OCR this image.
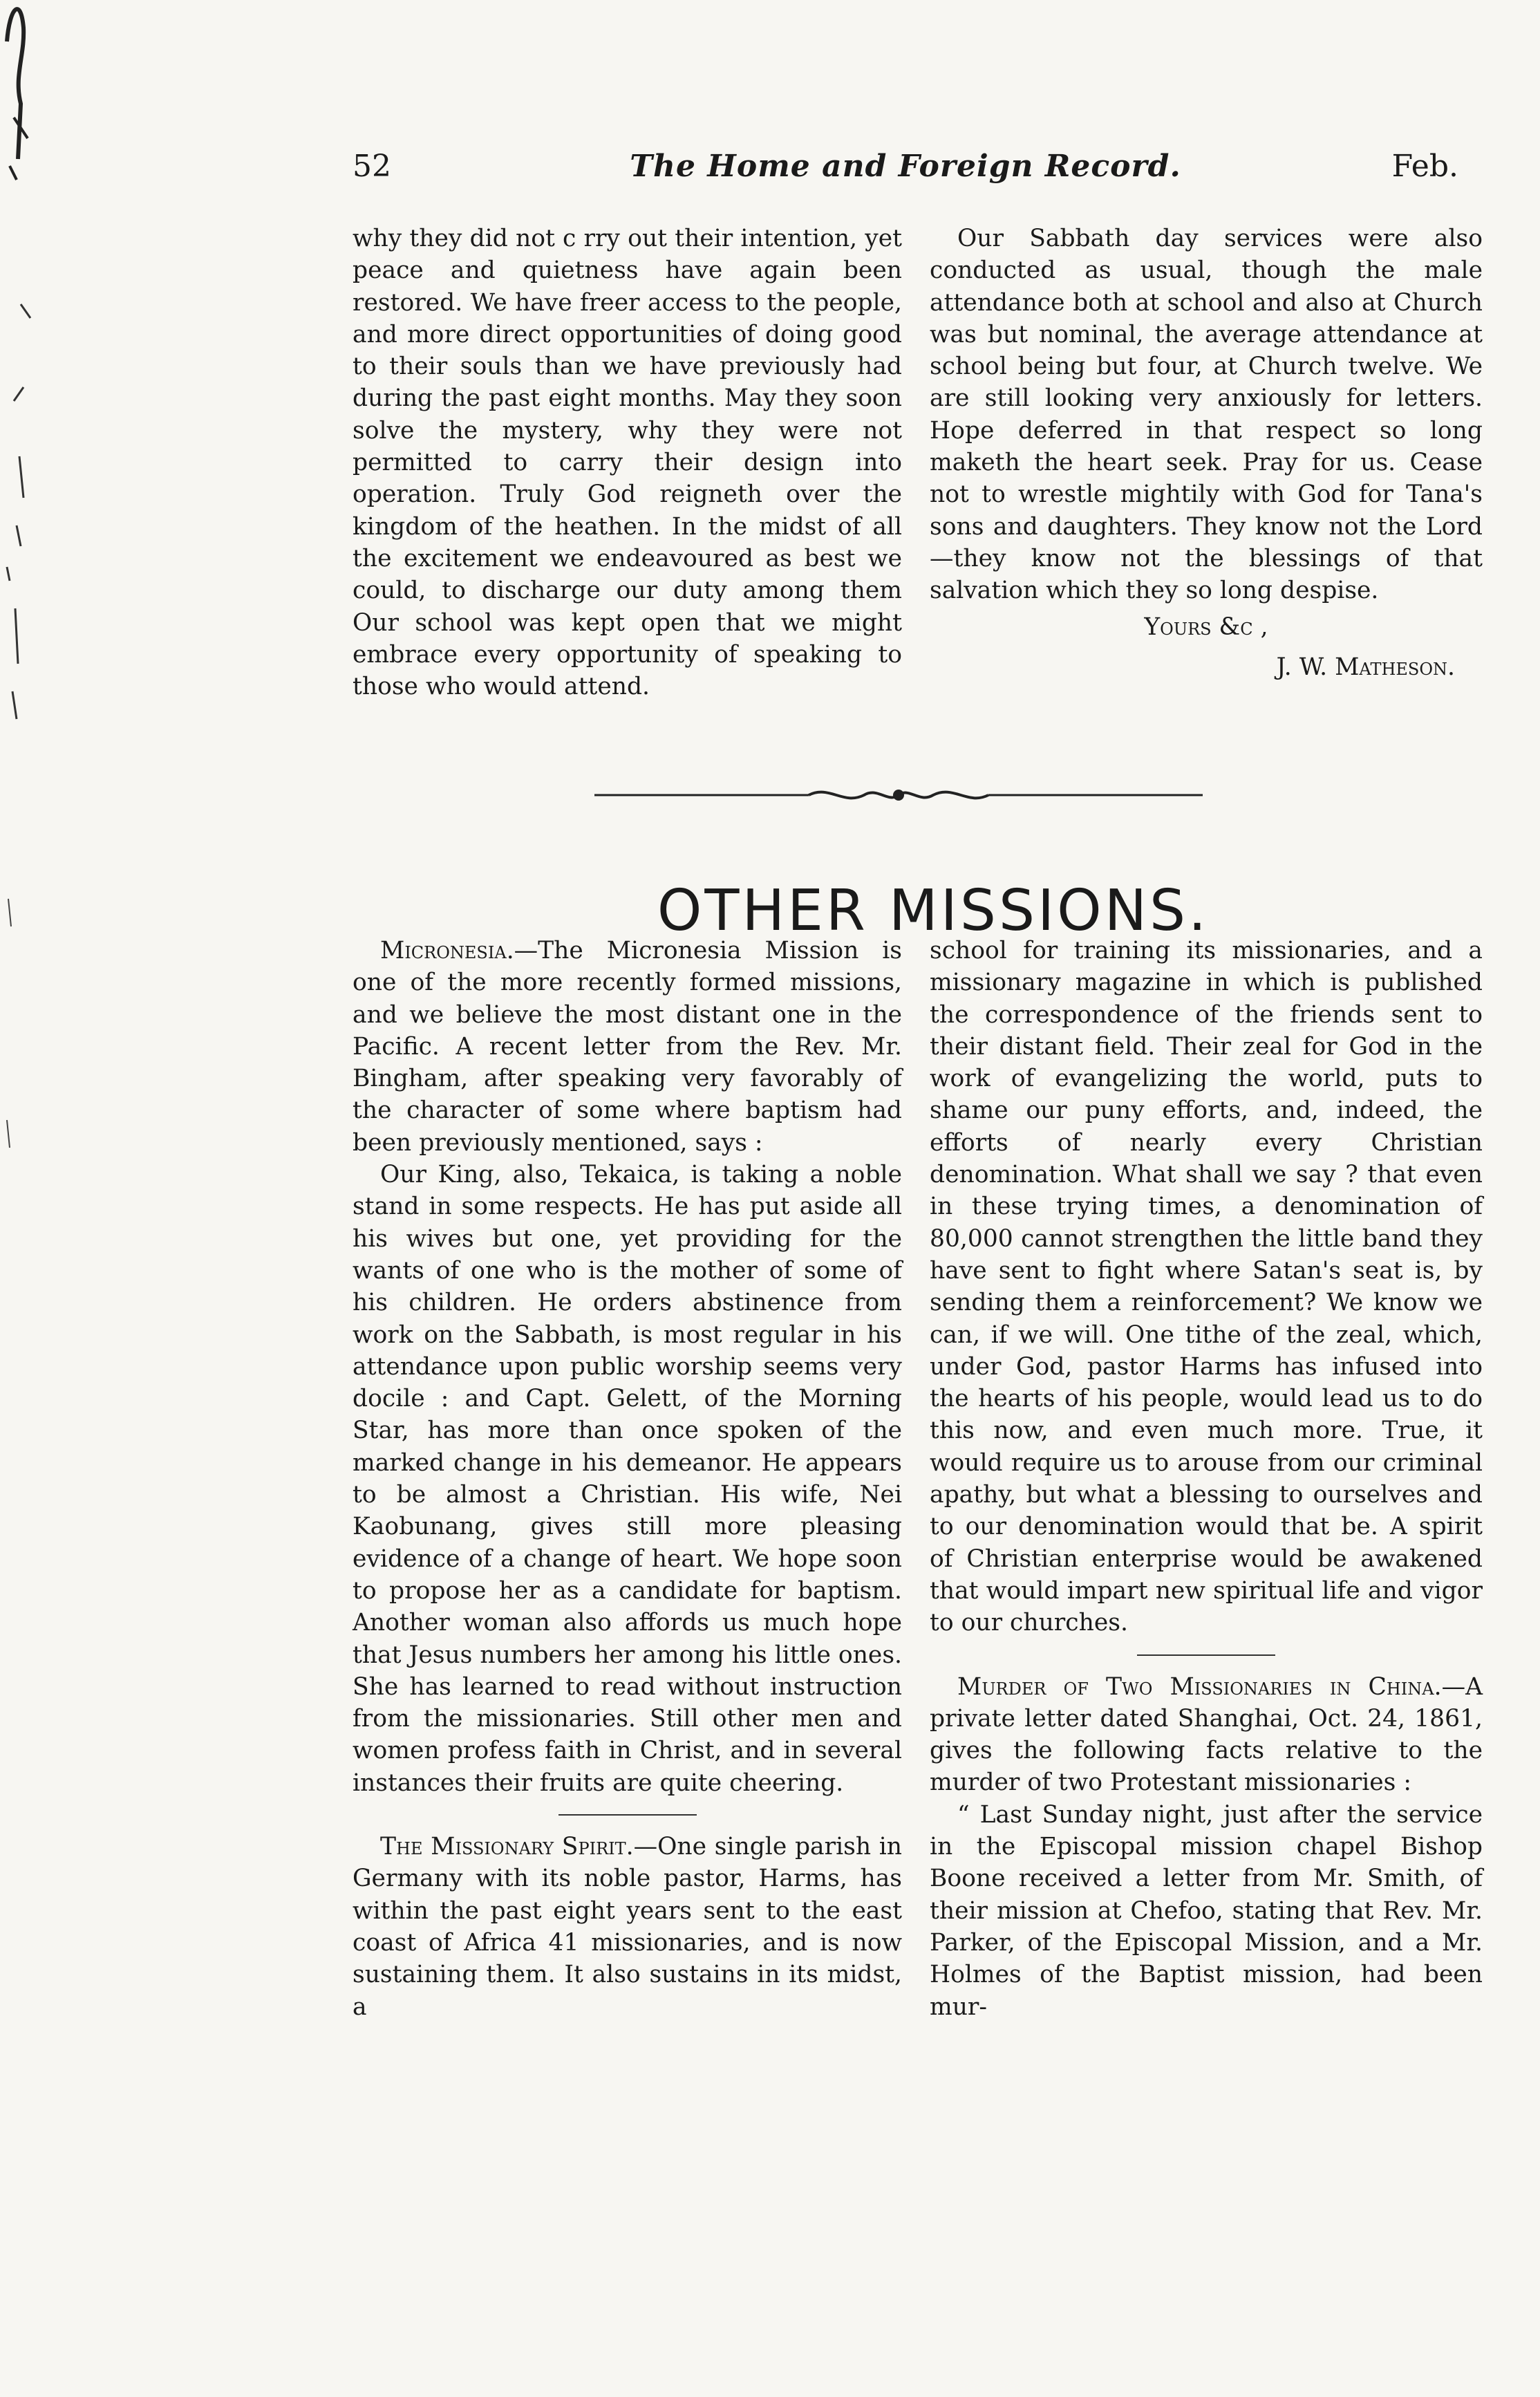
52	The Home and Foreign Record.	Feb.

why they did not c rry out their intention, yet peace and quietness have again been restored. We have freer access to the people, and more direct opportunities of doing good to their souls than we have previously had during the past eight months. May they soon solve the mystery, why they were not permitted to carry their design into operation. Truly God reigneth over the kingdom of the heathen. In the midst of all the excitement we endeavoured as best we could, to discharge our duty among them Our school was kept open that we might embrace every opportunity of speaking to those who would attend.

Our Sabbath day services were also conducted as usual, though the male attendance both at school and also at Church was but nominal, the average attendance at school being but four, at Church twelve. We are still looking very anxiously for letters. Hope deferred in that respect so long maketh the heart seek. Pray for us. Cease not to wrestle mightily with God for Tana's sons and daughters. They know not the Lord—they know not the blessings of that salvation which they so long despise.

Yours &c ,

J. W. Matheson.

OTHER MISSIONS.

Micronesia.—The Micronesia Mission is one of the more recently formed missions, and we believe the most distant one in the Pacific. A recent letter from the Rev. Mr. Bingham, after speaking very favorably of the character of some where baptism had been previously mentioned, says :

Our King, also, Tekaica, is taking a noble stand in some respects. He has put aside all his wives but one, yet providing for the wants of one who is the mother of some of his children. He orders abstinence from work on the Sabbath, is most regular in his attendance upon public worship seems very docile : and Capt. Gelett, of the Morning Star, has more than once spoken of the marked change in his demeanor. He appears to be almost a Christian. His wife, Nei Kaobunang, gives still more pleasing evidence of a change of heart. We hope soon to propose her as a candidate for baptism. Another woman also affords us much hope that Jesus numbers her among his little ones. She has learned to read without instruction from the missionaries. Still other men and women profess faith in Christ, and in several instances their fruits are quite cheering.

The Missionary Spirit.—One single parish in Germany with its noble pastor, Harms, has within the past eight years sent to the east coast of Africa 41 missionaries, and is now sustaining them. It also sustains in its midst, a

school for training its missionaries, and a missionary magazine in which is published the correspondence of the friends sent to their distant field. Their zeal for God in the work of evangelizing the world, puts to shame our puny efforts, and, indeed, the efforts of nearly every Christian denomination. What shall we say ? that even in these trying times, a denomination of 80,000 cannot strengthen the little band they have sent to fight where Satan's seat is, by sending them a reinforcement? We know we can, if we will. One tithe of the zeal, which, under God, pastor Harms has infused into the hearts of his people, would lead us to do this now, and even much more. True, it would require us to arouse from our criminal apathy, but what a blessing to ourselves and to our denomination would that be. A spirit of Christian enterprise would be awakened that would impart new spiritual life and vigor to our churches.

Murder of Two Missionaries in China.—A private letter dated Shanghai, Oct. 24, 1861, gives the following facts relative to the murder of two Protestant missionaries :

“ Last Sunday night, just after the service in the Episcopal mission chapel Bishop Boone received a letter from Mr. Smith, of their mission at Chefoo, stating that Rev. Mr. Parker, of the Episcopal Mission, and a Mr. Holmes of the Baptist mission, had been mur-
